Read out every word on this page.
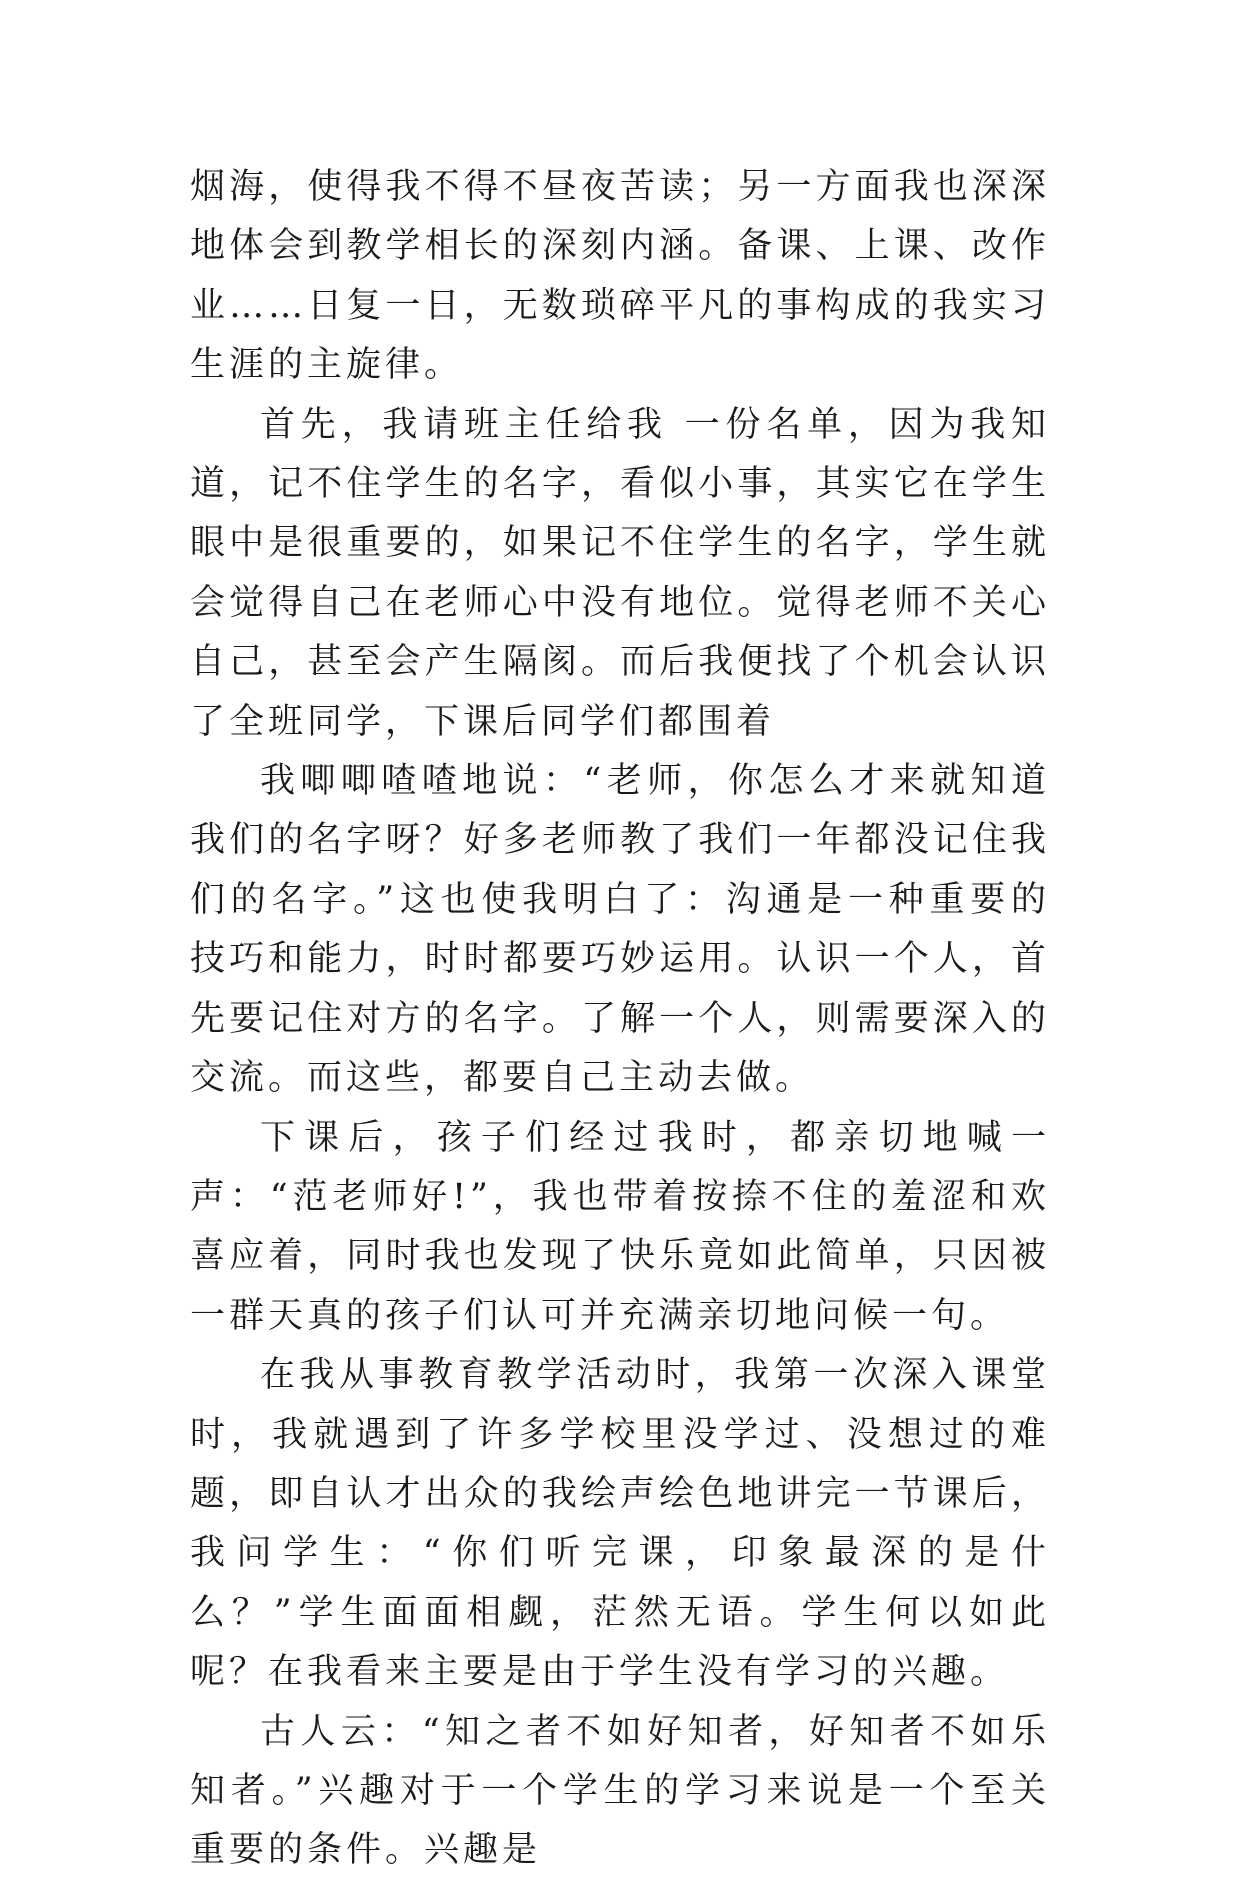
烟海，使得我不得不昼夜苦读；另一方面我也深深地体会到教学相长的深刻内涵。备课、上课、改作业……日复一日，无数琐碎平凡的事构成的我实习生涯的主旋律。

首先，我请班主任给我 一份名单，因为我知道，记不住学生的名字，看似小事，其实它在学生眼中是很重要的，如果记不住学生的名字，学生就会觉得自己在老师心中没有地位。觉得老师不关心自己，甚至会产生隔阂。而后我便找了个机会认识了全班同学，下课后同学们都围着

我唧唧喳喳地说：“老师，你怎么才来就知道我们的名字呀？好多老师教了我们一年都没记住我们的名字。”这也使我明白了：沟通是一种重要的技巧和能力，时时都要巧妙运用。认识一个人，首先要记住对方的名字。了解一个人，则需要深入的交流。而这些，都要自己主动去做。

下课后，孩子们经过我时，都亲切地喊一声：“范老师好!”，我也带着按捺不住的羞涩和欢喜应着，同时我也发现了快乐竟如此简单，只因被一群天真的孩子们认可并充满亲切地问候一句。

在我从事教育教学活动时，我第一次深入课堂时，我就遇到了许多学校里没学过、没想过的难题，即自认才出众的我绘声绘色地讲完一节课后，我问学生：“你们听完课，印象最深的是什么？”学生面面相觑，茫然无语。学生何以如此呢？在我看来主要是由于学生没有学习的兴趣。

古人云：“知之者不如好知者，好知者不如乐知者。”兴趣对于一个学生的学习来说是一个至关重要的条件。兴趣是
